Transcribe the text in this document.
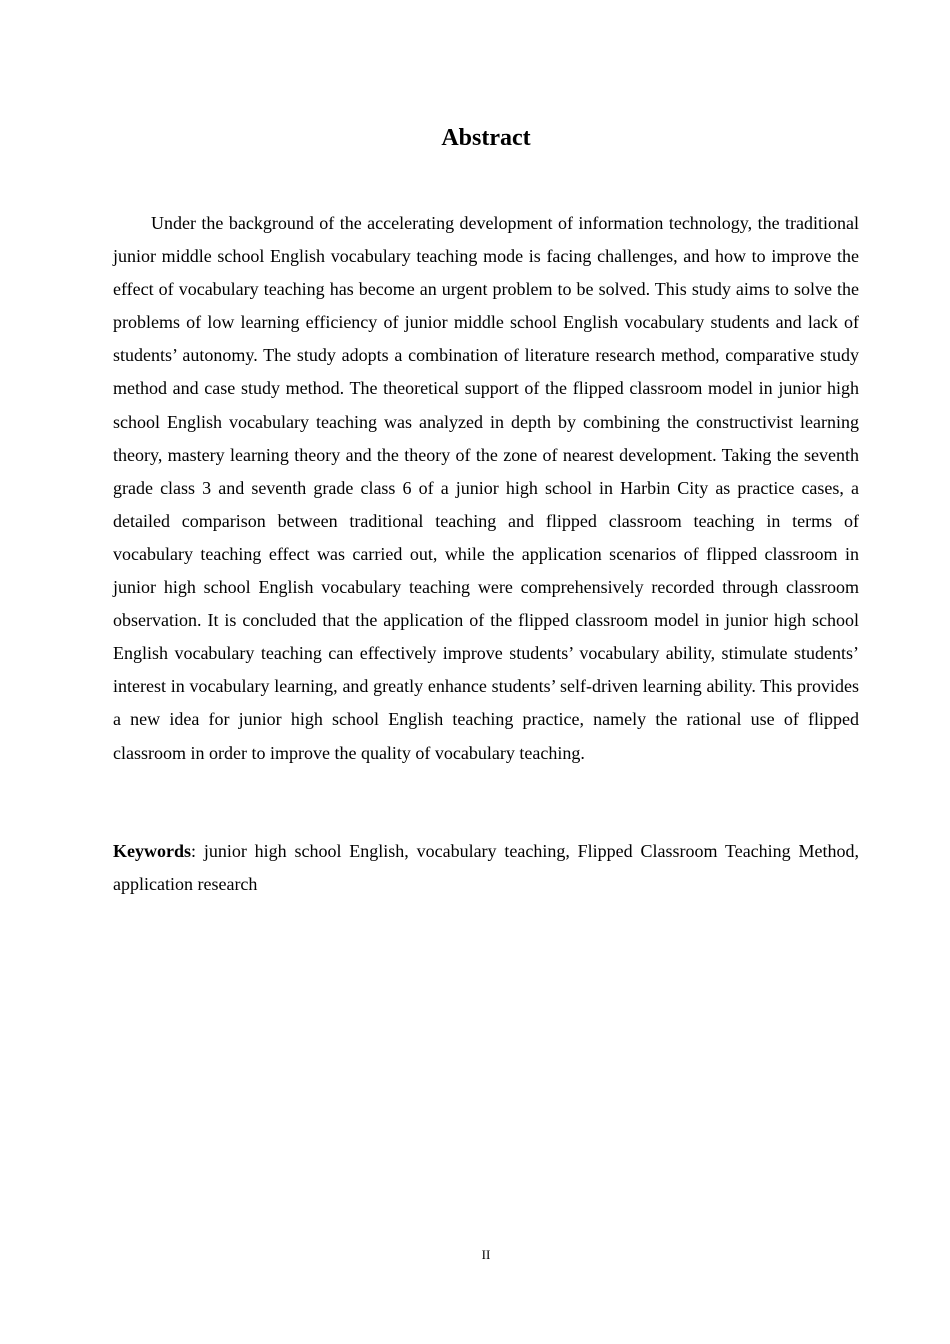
Abstract

Under the background of the accelerating development of information technology, the traditional junior middle school English vocabulary teaching mode is facing challenges, and how to improve the effect of vocabulary teaching has become an urgent problem to be solved. This study aims to solve the problems of low learning efficiency of junior middle school English vocabulary students and lack of students’ autonomy. The study adopts a combination of literature research method, comparative study method and case study method. The theoretical support of the flipped classroom model in junior high school English vocabulary teaching was analyzed in depth by combining the constructivist learning theory, mastery learning theory and the theory of the zone of nearest development. Taking the seventh grade class 3 and seventh grade class 6 of a junior high school in Harbin City as practice cases, a detailed comparison between traditional teaching and flipped classroom teaching in terms of vocabulary teaching effect was carried out, while the application scenarios of flipped classroom in junior high school English vocabulary teaching were comprehensively recorded through classroom observation. It is concluded that the application of the flipped classroom model in junior high school English vocabulary teaching can effectively improve students’ vocabulary ability, stimulate students’ interest in vocabulary learning, and greatly enhance students’ self-driven learning ability. This provides a new idea for junior high school English teaching practice, namely the rational use of flipped classroom in order to improve the quality of vocabulary teaching.

Keywords: junior high school English, vocabulary teaching, Flipped Classroom Teaching Method, application research

II
